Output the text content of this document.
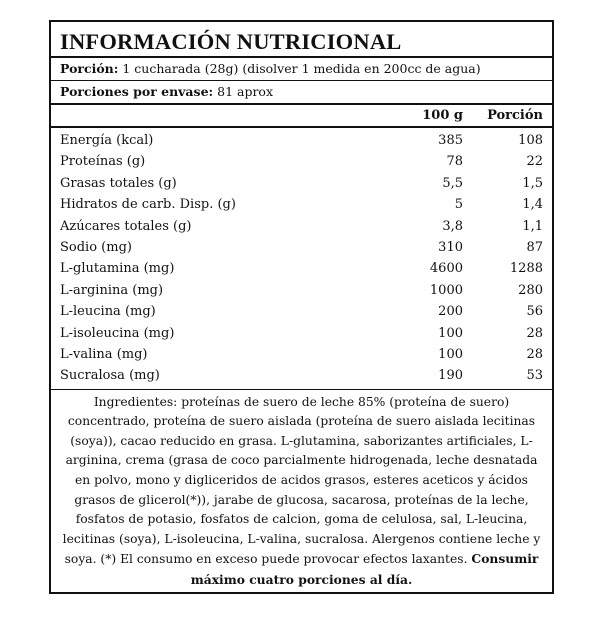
INFORMACIÓN NUTRICIONAL
Porción: 1 cucharada (28g) (disolver 1 medida en 200cc de agua)
Porciones por envase: 81 aprox
100 g	Porción
Energía (kcal)	385	108
Proteínas (g)	78	22
Grasas totales (g)	5,5	1,5
Hidratos de carb. Disp. (g)	5	1,4
Azúcares totales (g)	3,8	1,1
Sodio (mg)	310	87
L-glutamina (mg)	4600	1288
L-arginina (mg)	1000	280
L-leucina (mg)	200	56
L-isoleucina (mg)	100	28
L-valina (mg)	100	28
Sucralosa (mg)	190	53
Ingredientes: proteínas de suero de leche 85% (proteína de suero)
concentrado, proteína de suero aislada (proteína de suero aislada lecitinas
(soya)), cacao reducido en grasa. L-glutamina, saborizantes artificiales, L-
arginina, crema (grasa de coco parcialmente hidrogenada, leche desnatada
en polvo, mono y digliceridos de acidos grasos, esteres aceticos y ácidos
grasos de glicerol(*)), jarabe de glucosa, sacarosa, proteínas de la leche,
fosfatos de potasio, fosfatos de calcion, goma de celulosa, sal, L-leucina,
lecitinas (soya), L-isoleucina, L-valina, sucralosa. Alergenos contiene leche y
soya. (*) El consumo en exceso puede provocar efectos laxantes. Consumir
máximo cuatro porciones al día.
